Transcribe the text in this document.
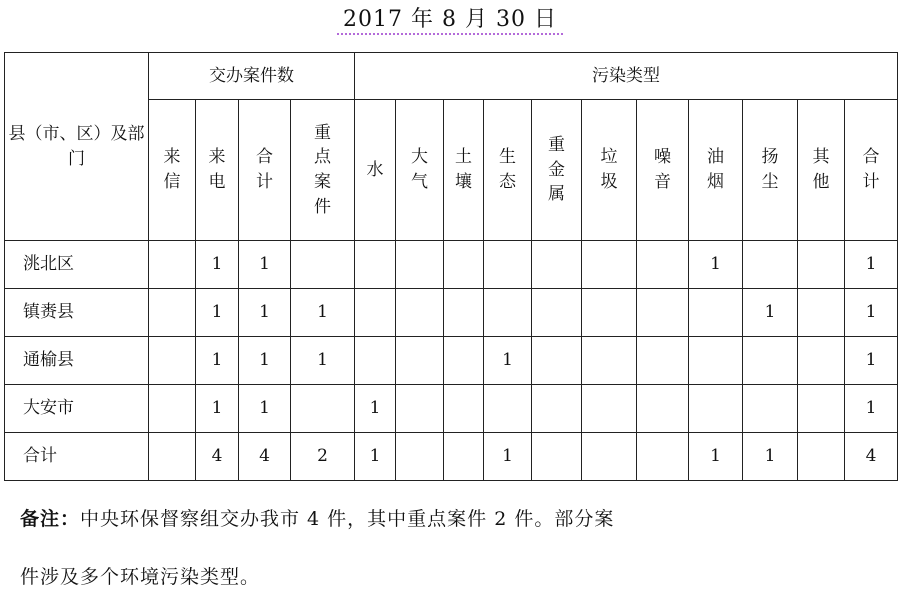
2017 年 8 月 30 日
县（市、区）及部门	交办案件数				污染类型										
	来信	来电	合计	重点案件	水	大气	土壤	生态	重金属	垃圾	噪音	油烟	扬尘	其他	合计
洮北区		1	1									1			1
镇赉县		1	1	1									1		1
通榆县		1	1	1				1							1
大安市		1	1		1										1
合计		4	4	2	1			1				1	1		4
备注：中央环保督察组交办我市 4 件，其中重点案件 2 件。部分案
件涉及多个环境污染类型。
